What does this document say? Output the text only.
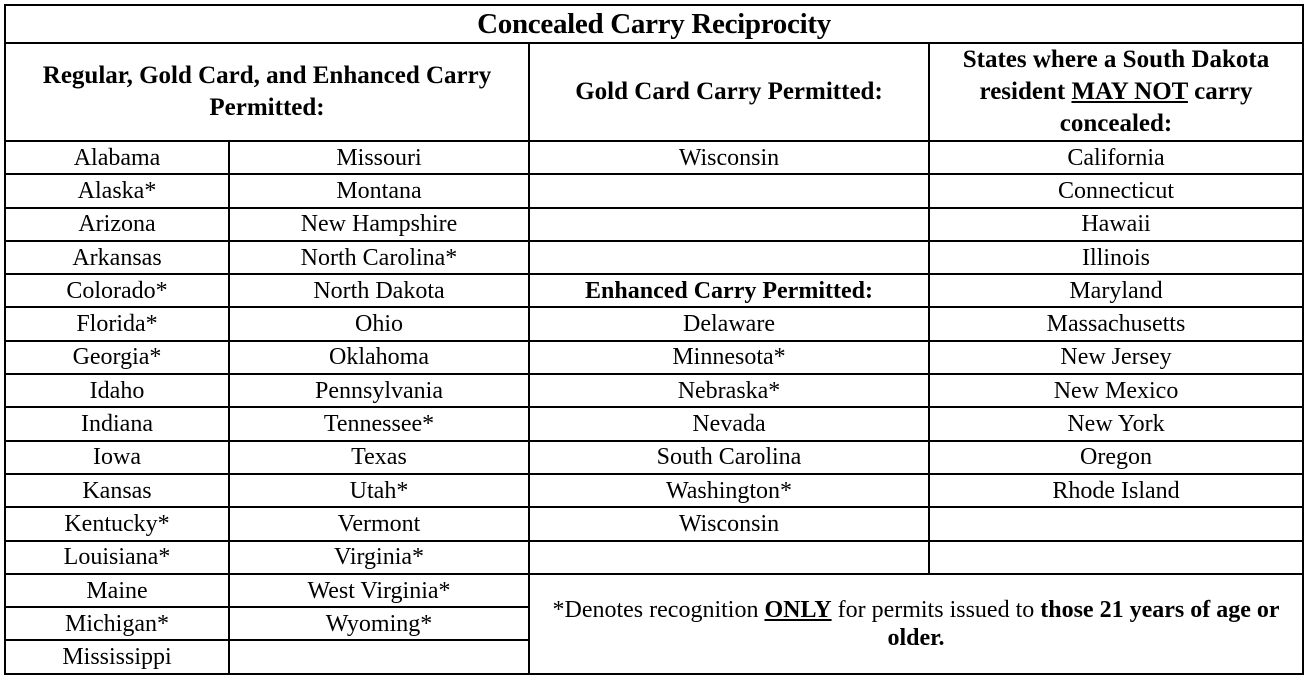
Concealed Carry Reciprocity			
Regular, Gold Card, and Enhanced Carry Permitted:		Gold Card Carry Permitted:	States where a South Dakota resident MAY NOT carry concealed:
Alabama	Missouri	Wisconsin	California
Alaska*	Montana		Connecticut
Arizona	New Hampshire		Hawaii
Arkansas	North Carolina*		Illinois
Colorado*	North Dakota	Enhanced Carry Permitted:	Maryland
Florida*	Ohio	Delaware	Massachusetts
Georgia*	Oklahoma	Minnesota*	New Jersey
Idaho	Pennsylvania	Nebraska*	New Mexico
Indiana	Tennessee*	Nevada	New York
Iowa	Texas	South Carolina	Oregon
Kansas	Utah*	Washington*	Rhode Island
Kentucky*	Vermont	Wisconsin	
Louisiana*	Virginia*		
Maine	West Virginia*	*Denotes recognition ONLY for permits issued to those 21 years of age or older.	
Michigan*	Wyoming*		
Mississippi			
